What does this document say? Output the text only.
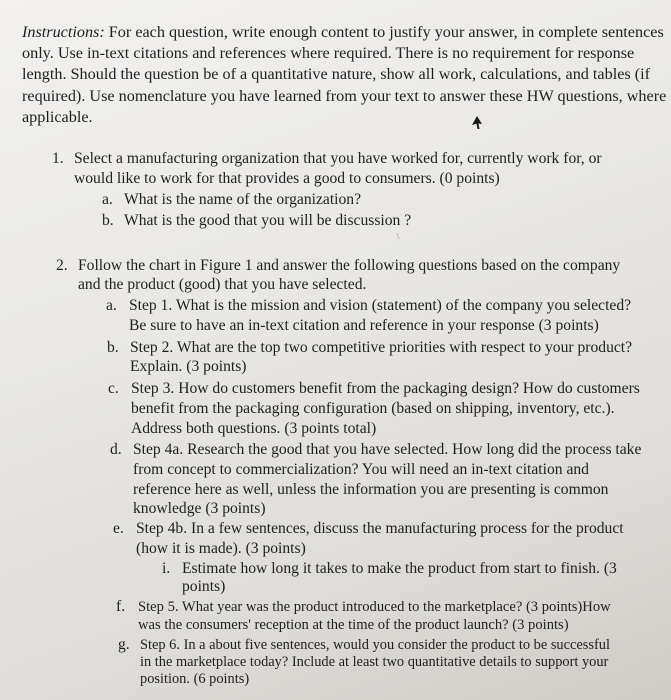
Instructions: For each question, write enough content to justify your answer, in complete sentences only. Use in-text citations and references where required. There is no requirement for response length. Should the question be of a quantitative nature, show all work, calculations, and tables (if required). Use nomenclature you have learned from your text to answer these HW questions, where applicable.
1. Select a manufacturing organization that you have worked for, currently work for, or
would like to work for that provides a good to consumers. (0 points)
a. What is the name of the organization?
b. What is the good that you will be discussion ?
2. Follow the chart in Figure 1 and answer the following questions based on the company
and the product (good) that you have selected.
a. Step 1. What is the mission and vision (statement) of the company you selected?
Be sure to have an in-text citation and reference in your response (3 points)
b. Step 2. What are the top two competitive priorities with respect to your product?
Explain. (3 points)
c. Step 3. How do customers benefit from the packaging design? How do customers
benefit from the packaging configuration (based on shipping, inventory, etc.).
Address both questions. (3 points total)
d. Step 4a. Research the good that you have selected. How long did the process take
from concept to commercialization? You will need an in-text citation and
reference here as well, unless the information you are presenting is common
knowledge (3 points)
e. Step 4b. In a few sentences, discuss the manufacturing process for the product
(how it is made). (3 points)
i. Estimate how long it takes to make the product from start to finish. (3
points)
f. Step 5. What year was the product introduced to the marketplace? (3 points)How
was the consumers' reception at the time of the product launch? (3 points)
g. Step 6. In a about five sentences, would you consider the product to be successful
in the marketplace today? Include at least two quantitative details to support your
position. (6 points)
